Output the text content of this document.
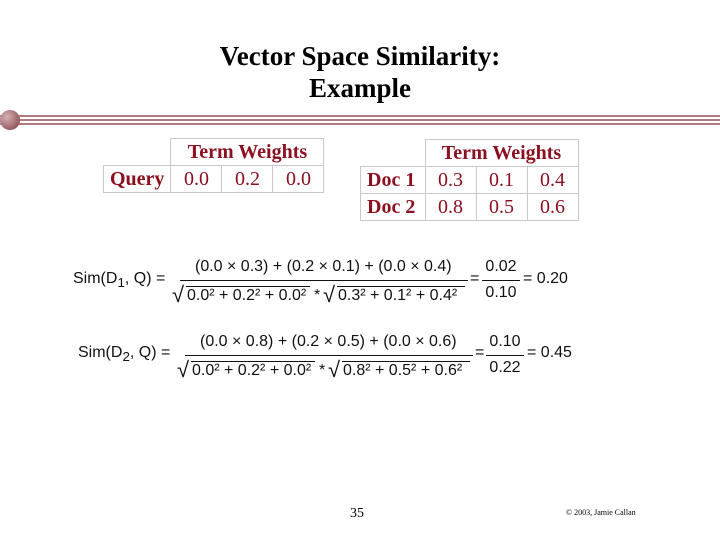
Vector Space Similarity:
Example
	Term Weights		
Query	0.0	0.2	0.0
	Term Weights		
Doc 1	0.3	0.1	0.4
Doc 2	0.8	0.5	0.6
$Sim(D_1$, Q) =
(0.0 × 0.3) + (0.2 × 0.1) + (0.0 × 0.4)
√ 0.0² + 0.2² + 0.0² * √ 0.3² + 0.1² + 0.4²
=
0.02
0.10
= 0.20
$Sim(D_2$, Q) =
(0.0 × 0.8) + (0.2 × 0.5) + (0.0 × 0.6)
√ 0.0² + 0.2² + 0.0² * √ 0.8² + 0.5² + 0.6²
=
0.10
0.22
= 0.45
35	© 2003, Jamie Callan
